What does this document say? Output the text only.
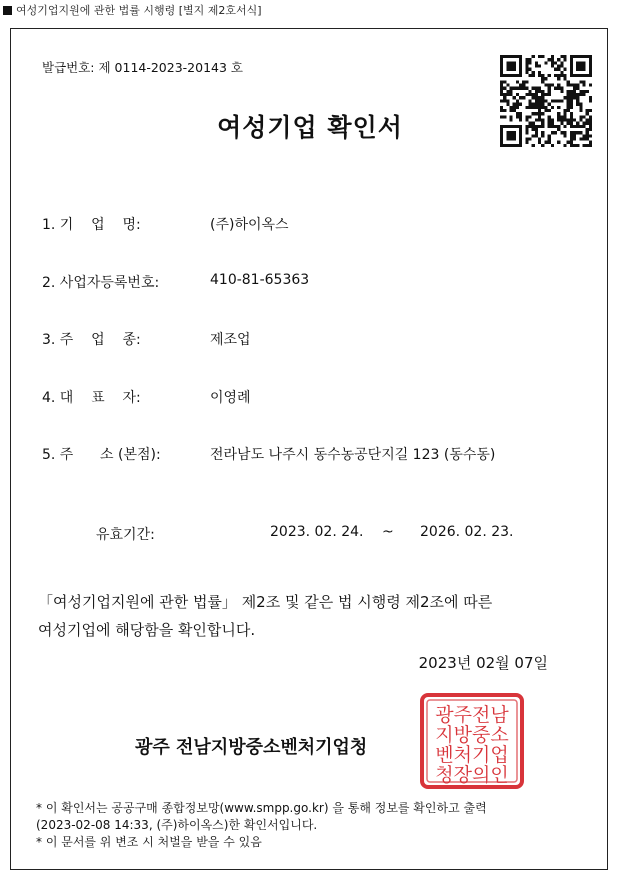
여성기업지원에 관한 법률 시행령 [별지 제2호서식]
발급번호: 제 0114-2023-20143 호
여성기업 확인서
1. 기    업    명:	(주)하이옥스
2. 사업자등록번호:	410-81-65363
3. 주    업    종:	제조업
4. 대    표    자:	이영례
5. 주      소 (본점):	전라남도 나주시 동수농공단지길 123 (동수동)
유효기간:	2023. 02. 24. ~ 2026. 02. 23.
「여성기업지원에 관한 법률」 제2조 및 같은 법 시행령 제2조에 따른
여성기업에 해당함을 확인합니다.
2023년 02월 07일
광주 전남지방중소벤처기업청
광주전남
지방중소
벤처기업
청장의인
* 이 확인서는 공공구매 종합정보망(www.smpp.go.kr) 을 통해 정보를 확인하고 출력
(2023-02-08 14:33, (주)하이옥스)한 확인서입니다.
* 이 문서를 위 변조 시 처벌을 받을 수 있음
